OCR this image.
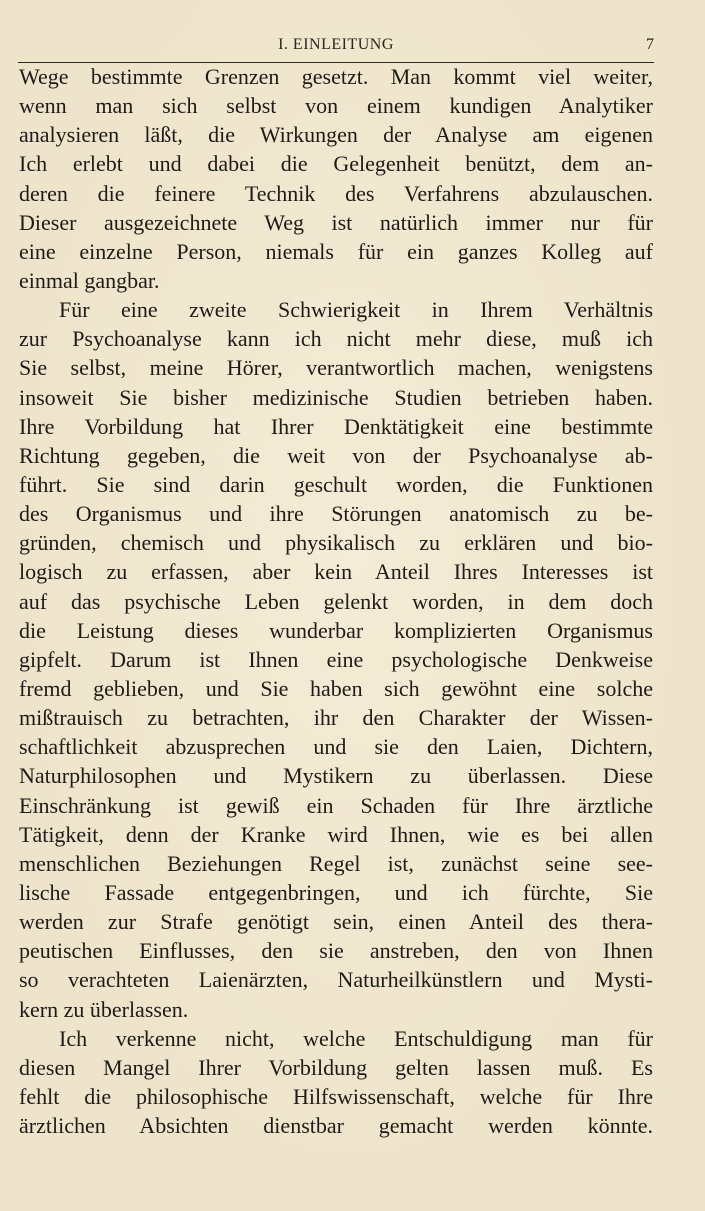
I. EINLEITUNG	7
Wege bestimmte Grenzen gesetzt. Man kommt viel weiter,
wenn man sich selbst von einem kundigen Analytiker
analysieren läßt, die Wirkungen der Analyse am eigenen
Ich erlebt und dabei die Gelegenheit benützt, dem an-
deren die feinere Technik des Verfahrens abzulauschen.
Dieser ausgezeichnete Weg ist natürlich immer nur für
eine einzelne Person, niemals für ein ganzes Kolleg auf
einmal gangbar.
Für eine zweite Schwierigkeit in Ihrem Verhältnis
zur Psychoanalyse kann ich nicht mehr diese, muß ich
Sie selbst, meine Hörer, verantwortlich machen, wenigstens
insoweit Sie bisher medizinische Studien betrieben haben.
Ihre Vorbildung hat Ihrer Denktätigkeit eine bestimmte
Richtung gegeben, die weit von der Psychoanalyse ab-
führt. Sie sind darin geschult worden, die Funktionen
des Organismus und ihre Störungen anatomisch zu be-
gründen, chemisch und physikalisch zu erklären und bio-
logisch zu erfassen, aber kein Anteil Ihres Interesses ist
auf das psychische Leben gelenkt worden, in dem doch
die Leistung dieses wunderbar komplizierten Organismus
gipfelt. Darum ist Ihnen eine psychologische Denkweise
fremd geblieben, und Sie haben sich gewöhnt eine solche
mißtrauisch zu betrachten, ihr den Charakter der Wissen-
schaftlichkeit abzusprechen und sie den Laien, Dichtern,
Naturphilosophen und Mystikern zu überlassen. Diese
Einschränkung ist gewiß ein Schaden für Ihre ärztliche
Tätigkeit, denn der Kranke wird Ihnen, wie es bei allen
menschlichen Beziehungen Regel ist, zunächst seine see-
lische Fassade entgegenbringen, und ich fürchte, Sie
werden zur Strafe genötigt sein, einen Anteil des thera-
peutischen Einflusses, den sie anstreben, den von Ihnen
so verachteten Laienärzten, Naturheilkünstlern und Mysti-
kern zu überlassen.
Ich verkenne nicht, welche Entschuldigung man für
diesen Mangel Ihrer Vorbildung gelten lassen muß. Es
fehlt die philosophische Hilfswissenschaft, welche für Ihre
ärztlichen Absichten dienstbar gemacht werden könnte.
